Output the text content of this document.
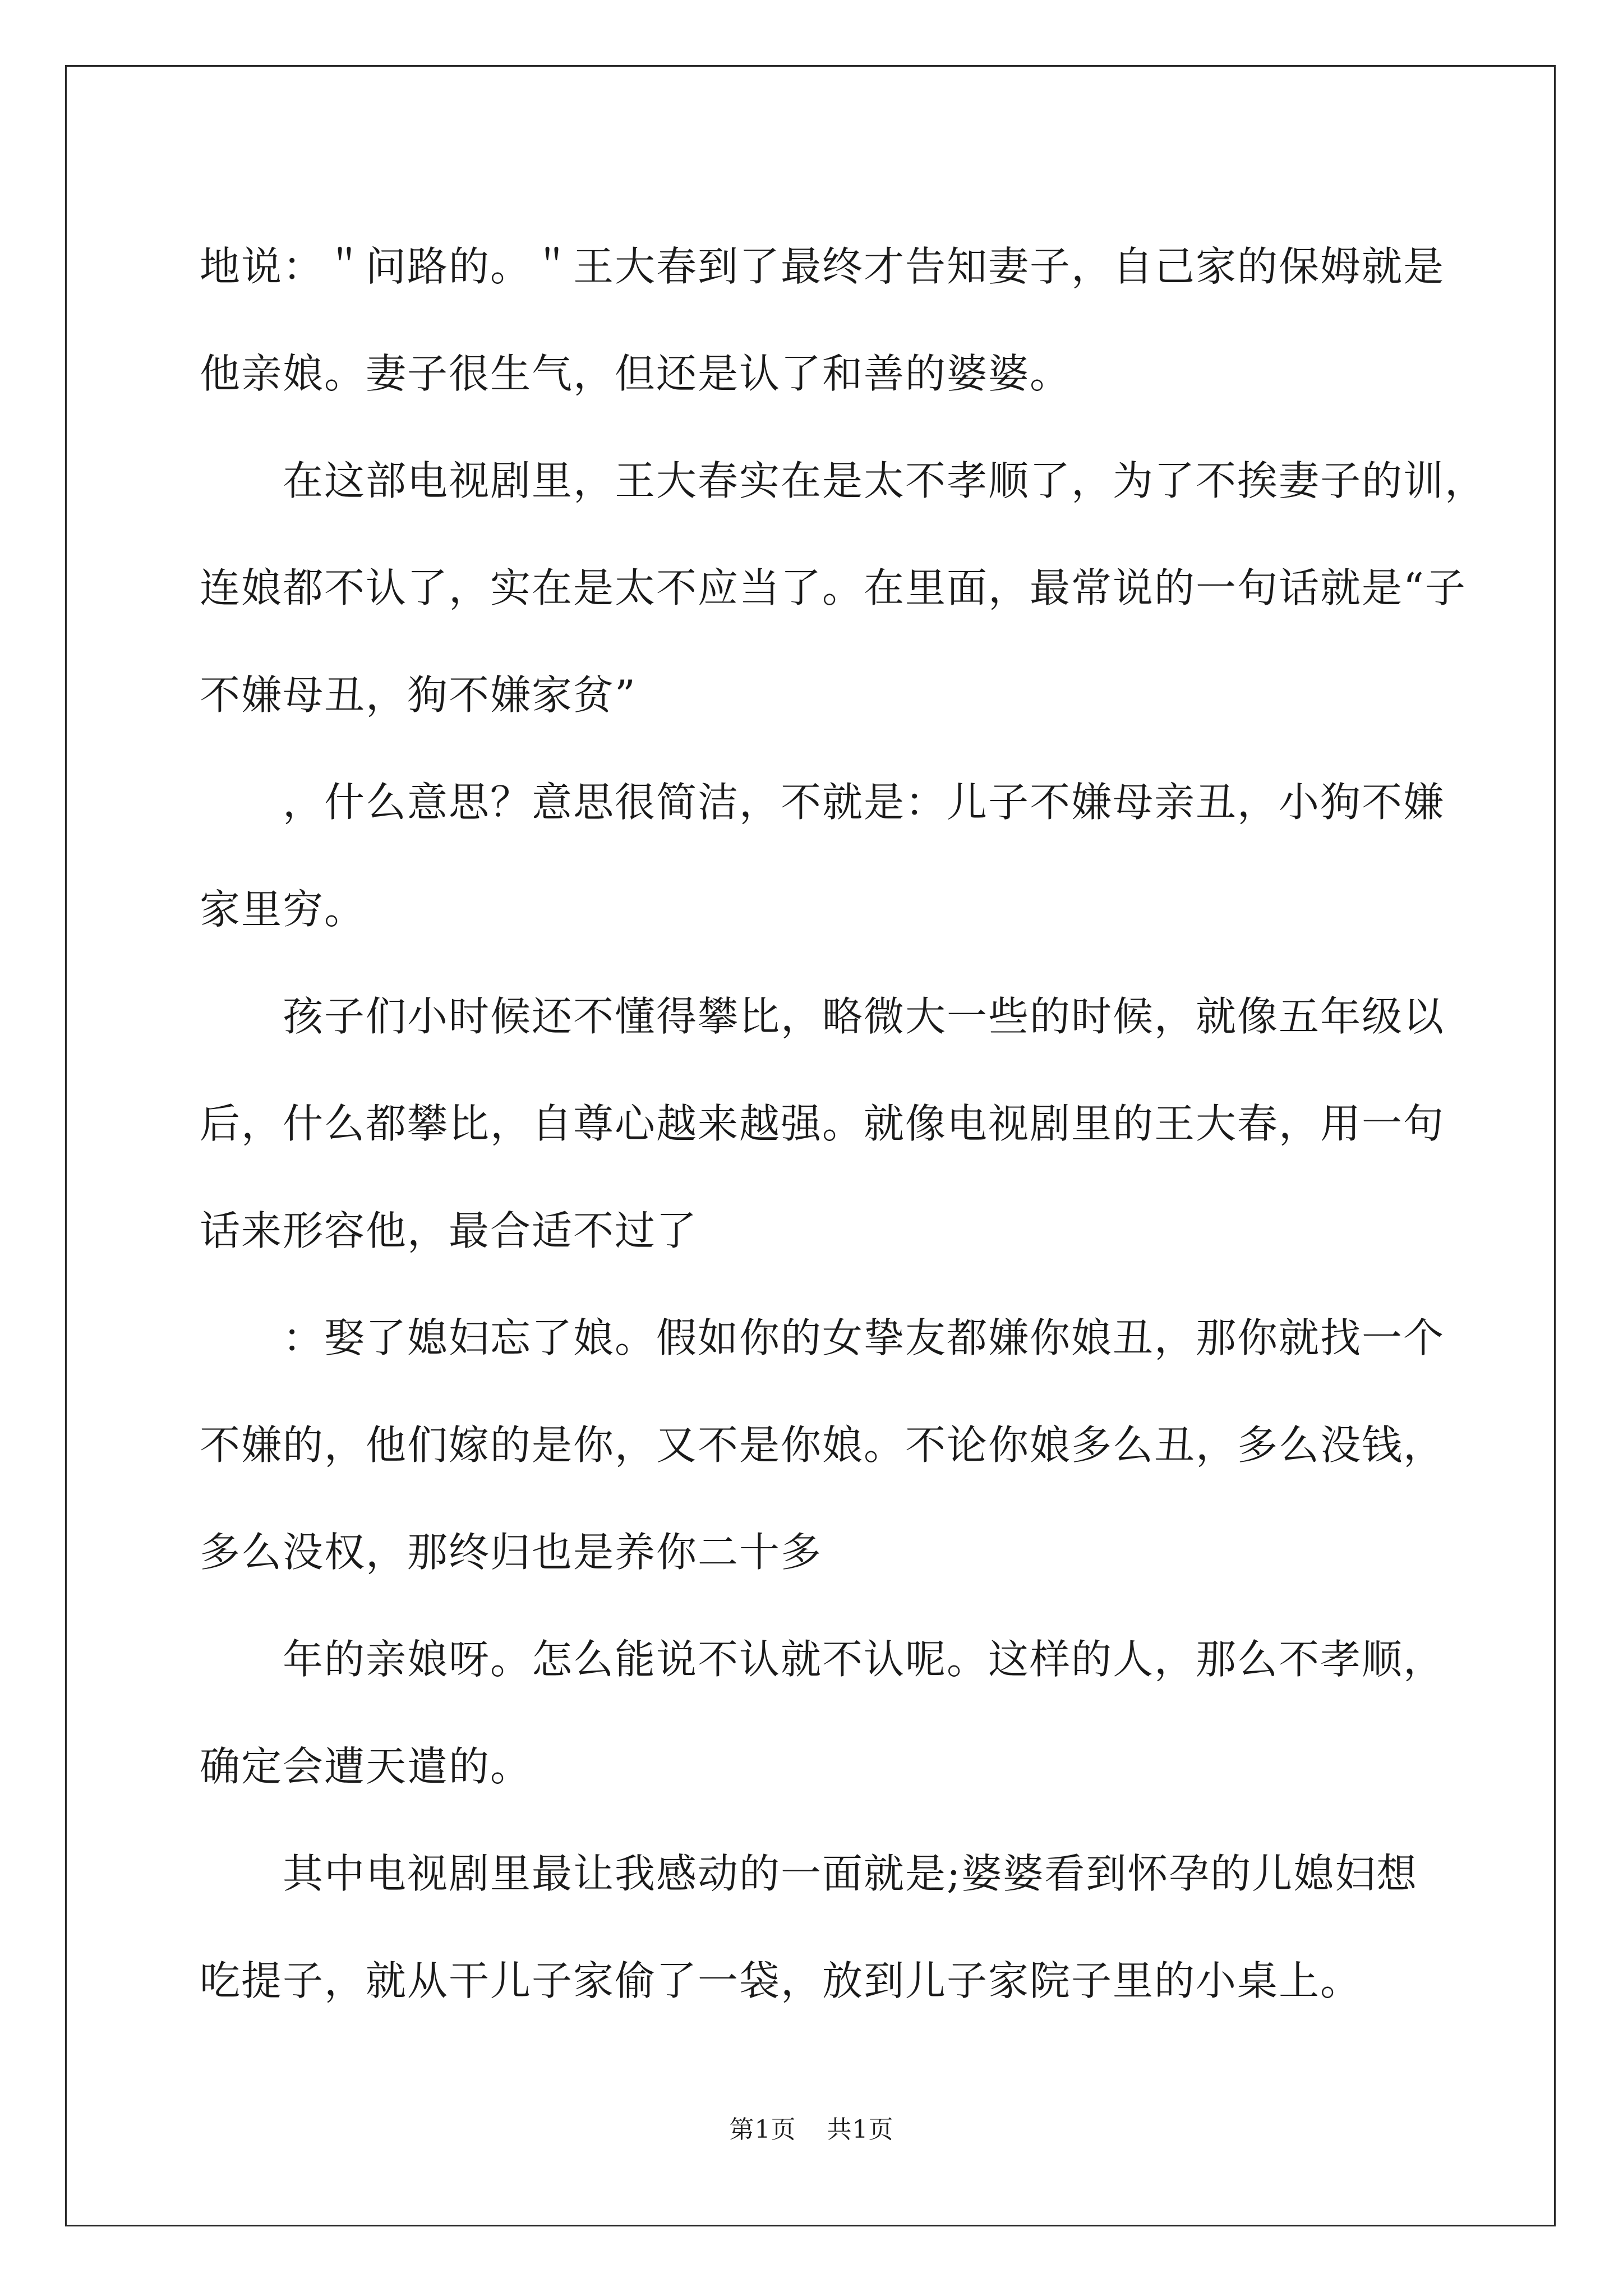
地说：＂问路的。＂王大春到了最终才告知妻子，自己家的保姆就是
他亲娘。妻子很生气，但还是认了和善的婆婆。

在这部电视剧里，王大春实在是太不孝顺了，为了不挨妻子的训，
连娘都不认了，实在是太不应当了。在里面，最常说的一句话就是“子
不嫌母丑，狗不嫌家贫”

，什么意思？意思很简洁，不就是：儿子不嫌母亲丑，小狗不嫌
家里穷。

孩子们小时候还不懂得攀比，略微大一些的时候，就像五年级以
后，什么都攀比，自尊心越来越强。就像电视剧里的王大春，用一句
话来形容他，最合适不过了

：娶了媳妇忘了娘。假如你的女挚友都嫌你娘丑，那你就找一个
不嫌的，他们嫁的是你，又不是你娘。不论你娘多么丑，多么没钱，
多么没权，那终归也是养你二十多

年的亲娘呀。怎么能说不认就不认呢。这样的人，那么不孝顺，
确定会遭天遣的。

其中电视剧里最让我感动的一面就是;婆婆看到怀孕的儿媳妇想
吃提子，就从干儿子家偷了一袋，放到儿子家院子里的小桌上。

第1页 共1页
